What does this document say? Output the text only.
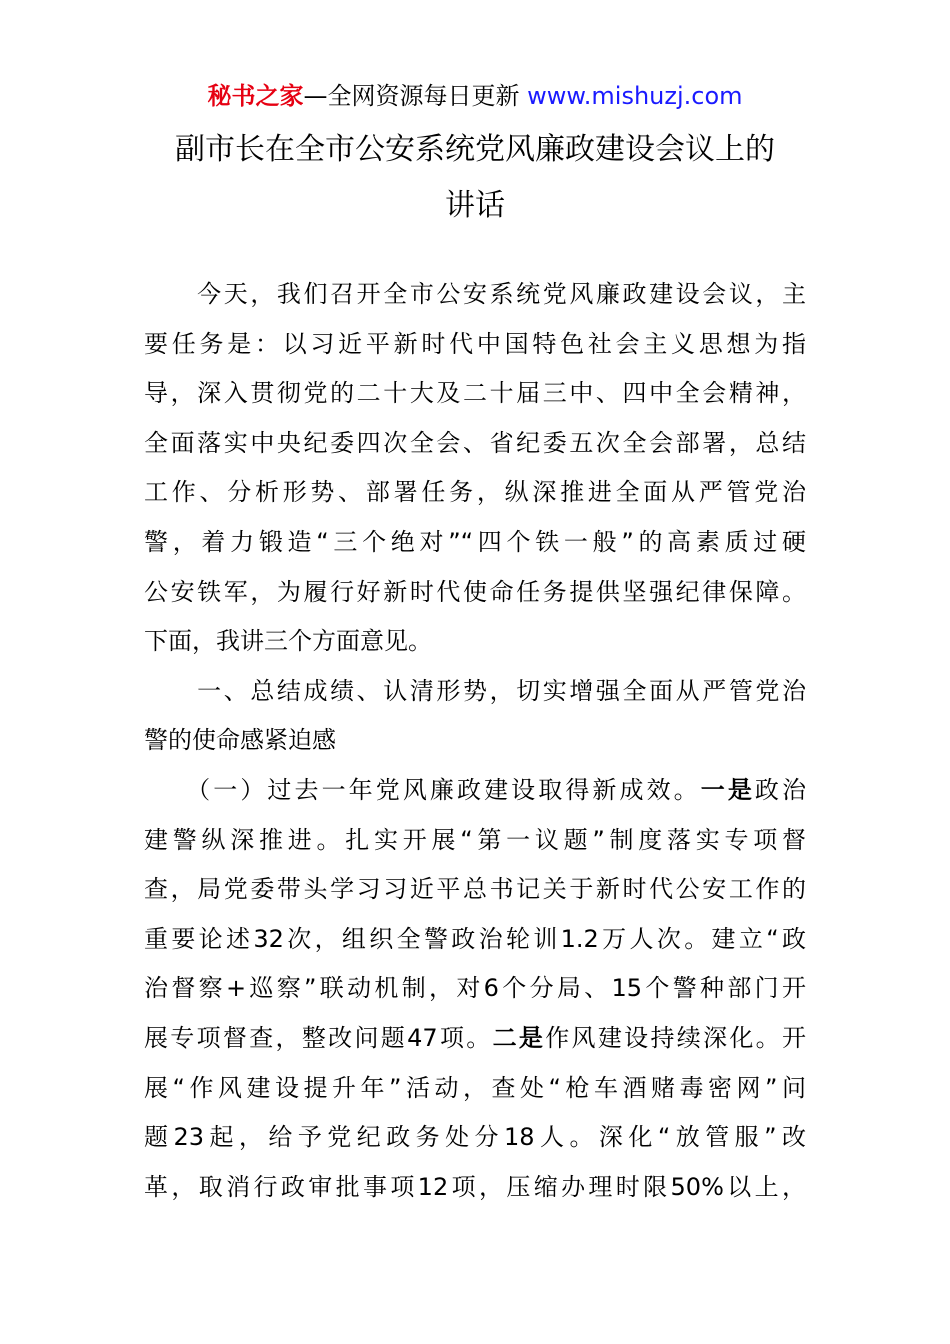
秘书之家—全网资源每日更新 www.mishuzj.com
副市长在全市公安系统党风廉政建设会议上的
讲话
　　今天，我们召开全市公安系统党风廉政建设会议，主
要任务是：以习近平新时代中国特色社会主义思想为指
导，深入贯彻党的二十大及二十届三中、四中全会精神，
全面落实中央纪委四次全会、省纪委五次全会部署，总结
工作、分析形势、部署任务，纵深推进全面从严管党治
警，着力锻造“三个绝对”“四个铁一般”的高素质过硬
公安铁军，为履行好新时代使命任务提供坚强纪律保障。
下面，我讲三个方面意见。
　　一、总结成绩、认清形势，切实增强全面从严管党治
警的使命感紧迫感
　　（一）过去一年党风廉政建设取得新成效。一是政治
建警纵深推进。扎实开展“第一议题”制度落实专项督
查，局党委带头学习习近平总书记关于新时代公安工作的
重要论述32次，组织全警政治轮训1.2万人次。建立“政
治督察+巡察”联动机制，对6个分局、15个警种部门开
展专项督查，整改问题47项。二是作风建设持续深化。开
展“作风建设提升年”活动，查处“枪车酒赌毒密网”问
题23起，给予党纪政务处分18人。深化“放管服”改
革，取消行政审批事项12项，压缩办理时限50%以上，
